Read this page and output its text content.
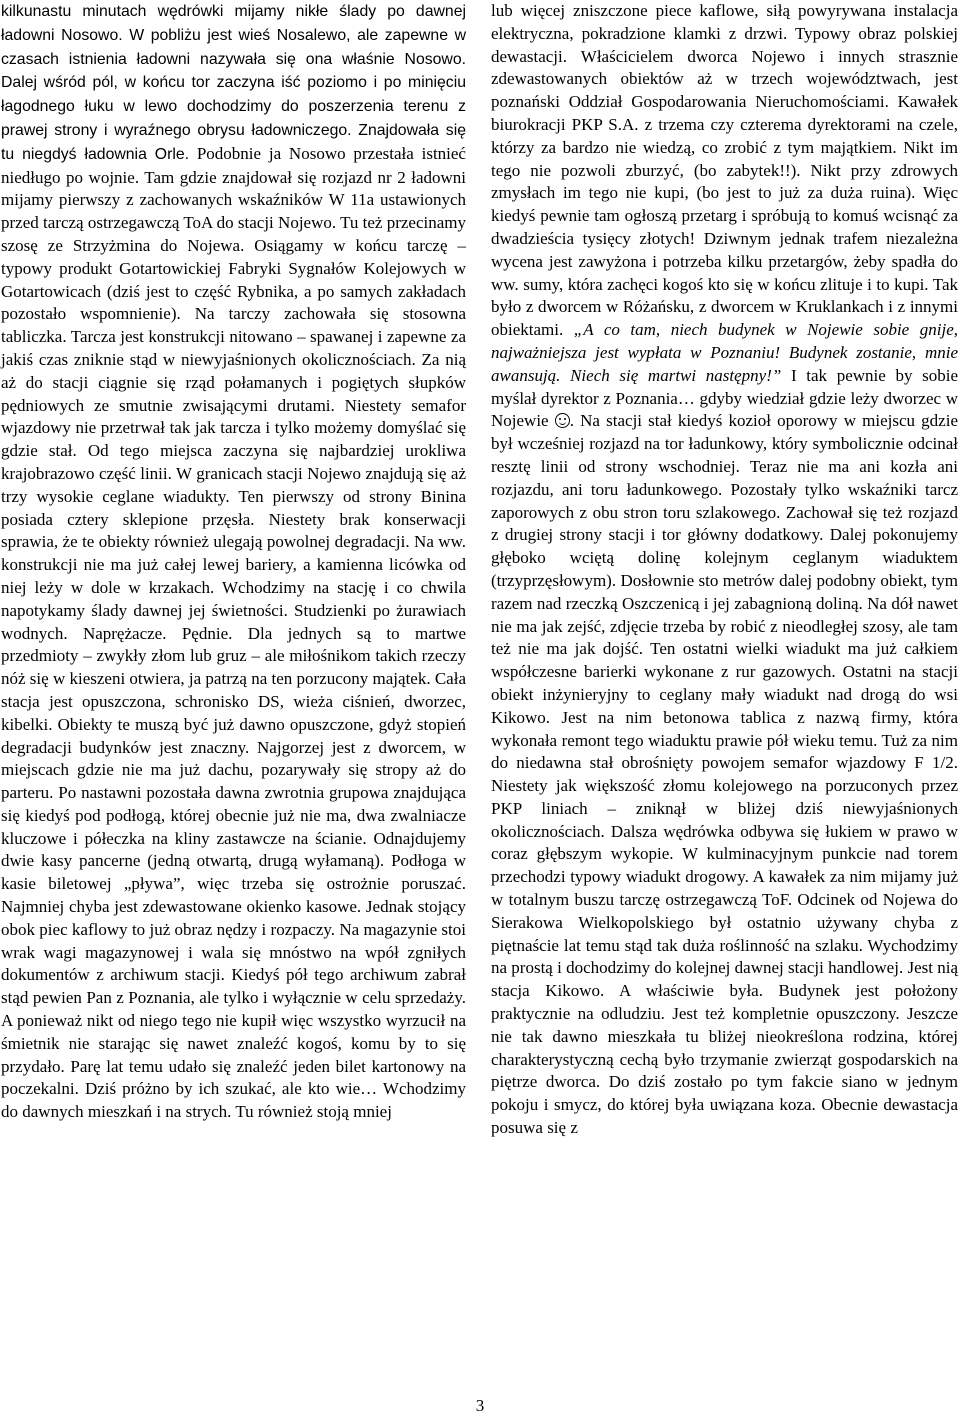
kilkunastu minutach wędrówki mijamy nikłe ślady po dawnej ładowni Nosowo. W pobliżu jest wieś Nosalewo, ale zapewne w czasach istnienia ładowni nazywała się ona właśnie Nosowo. Dalej wśród pól, w końcu tor zaczyna iść poziomo i po minięciu łagodnego łuku w lewo dochodzimy do poszerzenia terenu z prawej strony i wyraźnego obrysu ładowniczego. Znajdowała się tu niegdyś ładownia Orle. Podobnie ja Nosowo przestała istnieć niedługo po wojnie. Tam gdzie znajdował się rozjazd nr 2 ładowni mijamy pierwszy z zachowanych wskaźników W 11a ustawionych przed tarczą ostrzegawczą ToA do stacji Nojewo. Tu też przecinamy szosę ze Strzyżmina do Nojewa. Osiągamy w końcu tarczę – typowy produkt Gotartowickiej Fabryki Sygnałów Kolejowych w Gotartowicach (dziś jest to część Rybnika, a po samych zakładach pozostało wspomnienie). Na tarczy zachowała się stosowna tabliczka. Tarcza jest konstrukcji nitowano – spawanej i zapewne za jakiś czas zniknie stąd w niewyjaśnionych okolicznościach. Za nią aż do stacji ciągnie się rząd połamanych i pogiętych słupków pędniowych ze smutnie zwisającymi drutami. Niestety semafor wjazdowy nie przetrwał tak jak tarcza i tylko możemy domyślać się gdzie stał. Od tego miejsca zaczyna się najbardziej urokliwa krajobrazowo część linii. W granicach stacji Nojewo znajdują się aż trzy wysokie ceglane wiadukty. Ten pierwszy od strony Binina posiada cztery sklepione przęsła. Niestety brak konserwacji sprawia, że te obiekty również ulegają powolnej degradacji. Na ww. konstrukcji nie ma już całej lewej bariery, a kamienna licówka od niej leży w dole w krzakach. Wchodzimy na stację i co chwila napotykamy ślady dawnej jej świetności. Studzienki po żurawiach wodnych. Naprężacze. Pędnie. Dla jednych są to martwe przedmioty – zwykły złom lub gruz – ale miłośnikom takich rzeczy nóż się w kieszeni otwiera, ja patrzą na ten porzucony majątek. Cała stacja jest opuszczona, schronisko DS, wieża ciśnień, dworzec, kibelki. Obiekty te muszą być już dawno opuszczone, gdyż stopień degradacji budynków jest znaczny. Najgorzej jest z dworcem, w miejscach gdzie nie ma już dachu, pozarywały się stropy aż do parteru. Po nastawni pozostała dawna zwrotnia grupowa znajdująca się kiedyś pod podłogą, której obecnie już nie ma, dwa zwalniacze kluczowe i półeczka na kliny zastawcze na ścianie. Odnajdujemy dwie kasy pancerne (jedną otwartą, drugą wyłamaną). Podłoga w kasie biletowej „pływa”, więc trzeba się ostrożnie poruszać. Najmniej chyba jest zdewastowane okienko kasowe. Jednak stojący obok piec kaflowy to już obraz nędzy i rozpaczy. Na magazynie stoi wrak wagi magazynowej i wala się mnóstwo na wpół zgniłych dokumentów z archiwum stacji. Kiedyś pół tego archiwum zabrał stąd pewien Pan z Poznania, ale tylko i wyłącznie w celu sprzedaży. A ponieważ nikt od niego tego nie kupił więc wszystko wyrzucił na śmietnik nie starając się nawet znaleźć kogoś, komu by to się przydało. Parę lat temu udało się znaleźć jeden bilet kartonowy na poczekalni. Dziś próżno by ich szukać, ale kto wie… Wchodzimy do dawnych mieszkań i na strych. Tu również stoją mniej

lub więcej zniszczone piece kaflowe, siłą powyrywana instalacja elektryczna, pokradzione klamki z drzwi. Typowy obraz polskiej dewastacji. Właścicielem dworca Nojewo i innych strasznie zdewastowanych obiektów aż w trzech województwach, jest poznański Oddział Gospodarowania Nieruchomościami. Kawałek biurokracji PKP S.A. z trzema czy czterema dyrektorami na czele, którzy za bardzo nie wiedzą, co zrobić z tym majątkiem. Nikt im tego nie pozwoli zburzyć, (bo zabytek!!). Nikt przy zdrowych zmysłach im tego nie kupi, (bo jest to już za duża ruina). Więc kiedyś pewnie tam ogłoszą przetarg i spróbują to komuś wcisnąć za dwadzieścia tysięcy złotych! Dziwnym jednak trafem niezależna wycena jest zawyżona i potrzeba kilku przetargów, żeby spadła do ww. sumy, która zachęci kogoś kto się w końcu zlituje i to kupi. Tak było z dworcem w Różańsku, z dworcem w Kruklankach i z innymi obiektami. „A co tam, niech budynek w Nojewie sobie gnije, najważniejsza jest wypłata w Poznaniu! Budynek zostanie, mnie awansują. Niech się martwi następny!” I tak pewnie by sobie myślał dyrektor z Poznania… gdyby wiedział gdzie leży dworzec w Nojewie . Na stacji stał kiedyś kozioł oporowy w miejscu gdzie był wcześniej rozjazd na tor ładunkowy, który symbolicznie odcinał resztę linii od strony wschodniej. Teraz nie ma ani kozła ani rozjazdu, ani toru ładunkowego. Pozostały tylko wskaźniki tarcz zaporowych z obu stron toru szlakowego. Zachował się też rozjazd z drugiej strony stacji i tor główny dodatkowy. Dalej pokonujemy głęboko wciętą dolinę kolejnym ceglanym wiaduktem (trzyprzęsłowym). Dosłownie sto metrów dalej podobny obiekt, tym razem nad rzeczką Oszczenicą i jej zabagnioną doliną. Na dół nawet nie ma jak zejść, zdjęcie trzeba by robić z nieodległej szosy, ale tam też nie ma jak dojść. Ten ostatni wielki wiadukt ma już całkiem współczesne barierki wykonane z rur gazowych. Ostatni na stacji obiekt inżynieryjny to ceglany mały wiadukt nad drogą do wsi Kikowo. Jest na nim betonowa tablica z nazwą firmy, która wykonała remont tego wiaduktu prawie pół wieku temu. Tuż za nim do niedawna stał obrośnięty powojem semafor wjazdowy F 1/2. Niestety jak większość złomu kolejowego na porzuconych przez PKP liniach – zniknął w bliżej dziś niewyjaśnionych okolicznościach. Dalsza wędrówka odbywa się łukiem w prawo w coraz głębszym wykopie. W kulminacyjnym punkcie nad torem przechodzi typowy wiadukt drogowy. A kawałek za nim mijamy już w totalnym buszu tarczę ostrzegawczą ToF. Odcinek od Nojewa do Sierakowa Wielkopolskiego był ostatnio używany chyba z piętnaście lat temu stąd tak duża roślinność na szlaku. Wychodzimy na prostą i dochodzimy do kolejnej dawnej stacji handlowej. Jest nią stacja Kikowo. A właściwie była. Budynek jest położony praktycznie na odludziu. Jest też kompletnie opuszczony. Jeszcze nie tak dawno mieszkała tu bliżej nieokreślona rodzina, której charakterystyczną cechą było trzymanie zwierząt gospodarskich na piętrze dworca. Do dziś zostało po tym fakcie siano w jednym pokoju i smycz, do której była uwiązana koza. Obecnie dewastacja posuwa się z

3
